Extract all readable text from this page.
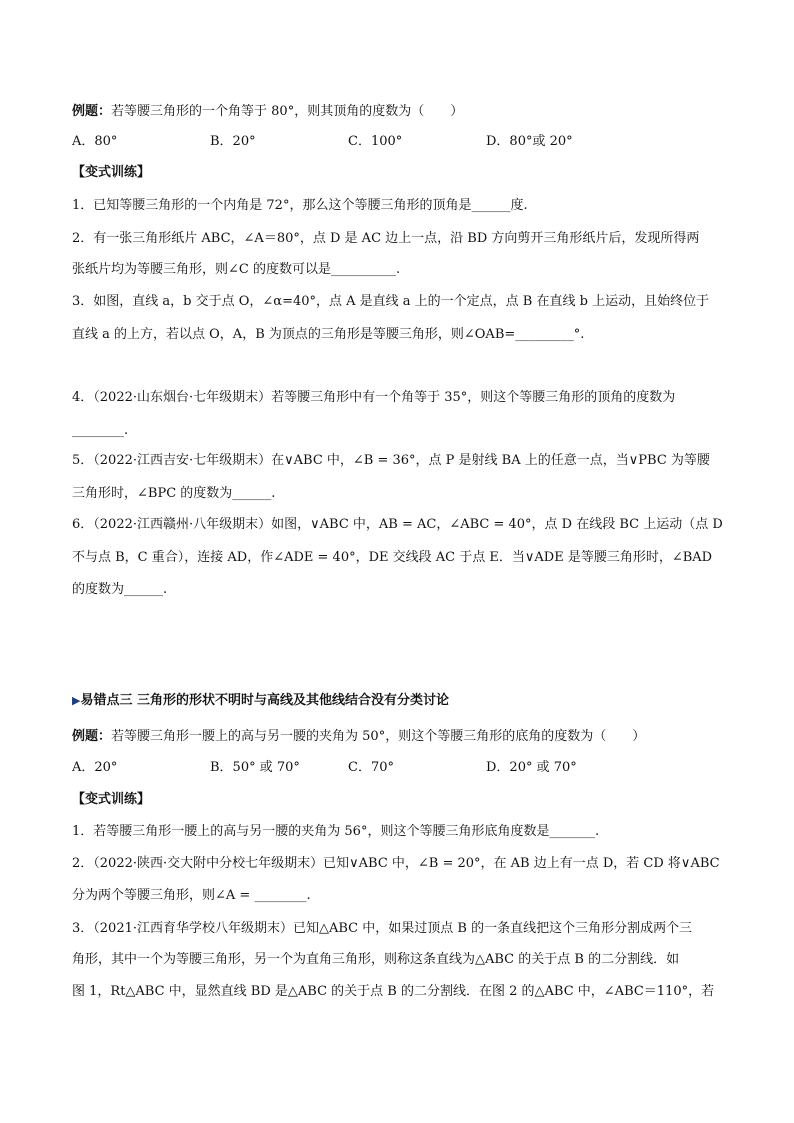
例题：若等腰三角形的一个角等于 80°，则其顶角的度数为（　　）
A．80°	B．20°	C．100°	D．80°或 20°
【变式训练】
1．已知等腰三角形的一个内角是 72°，那么这个等腰三角形的顶角是______度.
2．有一张三角形纸片 ABC，∠A＝80°，点 D 是 AC 边上一点，沿 BD 方向剪开三角形纸片后，发现所得两
张纸片均为等腰三角形，则∠C 的度数可以是__________.
3．如图，直线 a，b 交于点 O，∠α=40°，点 A 是直线 a 上的一个定点，点 B 在直线 b 上运动，且始终位于
直线 a 的上方，若以点 O，A，B 为顶点的三角形是等腰三角形，则∠OAB=_________°.
4．（2022·山东烟台·七年级期末）若等腰三角形中有一个角等于 35°，则这个等腰三角形的顶角的度数为
________.
5．（2022·江西吉安·七年级期末）在∨ABC 中，∠B = 36°，点 P 是射线 BA 上的任意一点，当∨PBC 为等腰
三角形时，∠BPC 的度数为______.
6．（2022·江西赣州·八年级期末）如图，∨ABC 中，AB = AC，∠ABC = 40°，点 D 在线段 BC 上运动（点 D
不与点 B，C 重合），连接 AD，作∠ADE = 40°，DE 交线段 AC 于点 E．当∨ADE 是等腰三角形时，∠BAD
的度数为______.
▶易错点三 三角形的形状不明时与高线及其他线结合没有分类讨论
例题：若等腰三角形一腰上的高与另一腰的夹角为 50°，则这个等腰三角形的底角的度数为（　　）
A．20°	B．50° 或 70°	C．70°	D．20° 或 70°
【变式训练】
1．若等腰三角形一腰上的高与另一腰的夹角为 56°，则这个等腰三角形底角度数是_______.
2．（2022·陕西·交大附中分校七年级期末）已知∨ABC 中，∠B = 20°，在 AB 边上有一点 D，若 CD 将∨ABC
分为两个等腰三角形，则∠A = ________.
3．（2021·江西育华学校八年级期末）已知△ABC 中，如果过顶点 B 的一条直线把这个三角形分割成两个三
角形，其中一个为等腰三角形，另一个为直角三角形，则称这条直线为△ABC 的关于点 B 的二分割线．如
图 1，Rt△ABC 中，显然直线 BD 是△ABC 的关于点 B 的二分割线．在图 2 的△ABC 中，∠ABC＝110°，若
